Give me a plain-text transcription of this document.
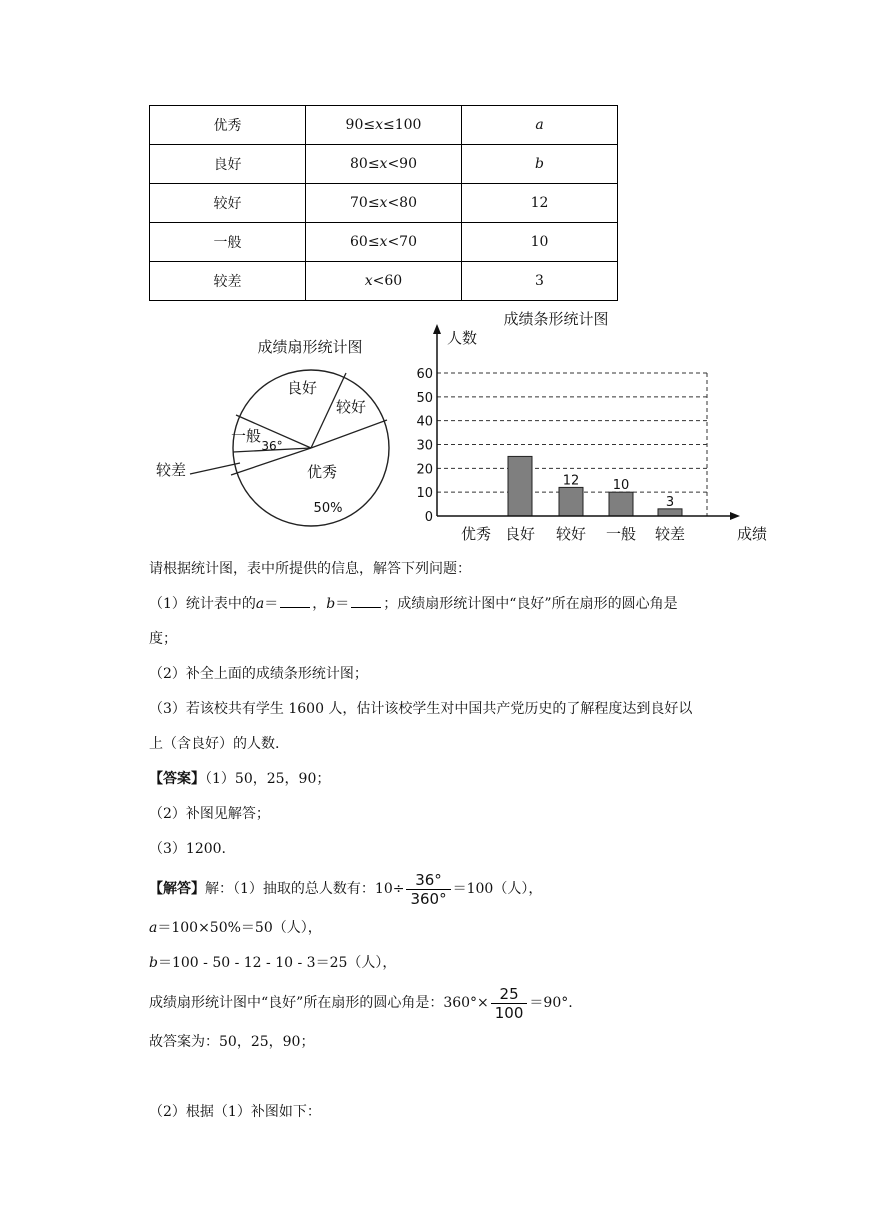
优秀	90≤x≤100	a
良好	80≤x<90	b
较好	70≤x<80	12
一般	60≤x<70	10
较差	x<60	3
成绩扇形统计图
良好
较好
一般
36°
优秀
50%
较差
成绩条形统计图
人数
成绩
0
10
20
30
40
50
60
12	10
3
优秀 良好 较好 一般 较差
请根据统计图，表中所提供的信息，解答下列问题：
（1）统计表中的a＝ ，b＝ ；成绩扇形统计图中“良好”所在扇形的圆心角是
度；
（2）补全上面的成绩条形统计图；
（3）若该校共有学生 1600 人，估计该校学生对中国共产党历史的了解程度达到良好以
上（含良好）的人数.
【答案】（1）50，25，90；
（2）补图见解答；
（3）1200.
【解答】解：（1）抽取的总人数有：$10\div \frac{36^\circ}{360^\circ} =100$（人），
a＝100×50%＝50（人），
b＝100 - 50 - 12 - 10 - 3＝25（人），
成绩扇形统计图中“良好”所在扇形的圆心角是：$360^\circ\times \frac{25}{100} =90^\circ$.
故答案为：50，25，90；
（2）根据（1）补图如下：
